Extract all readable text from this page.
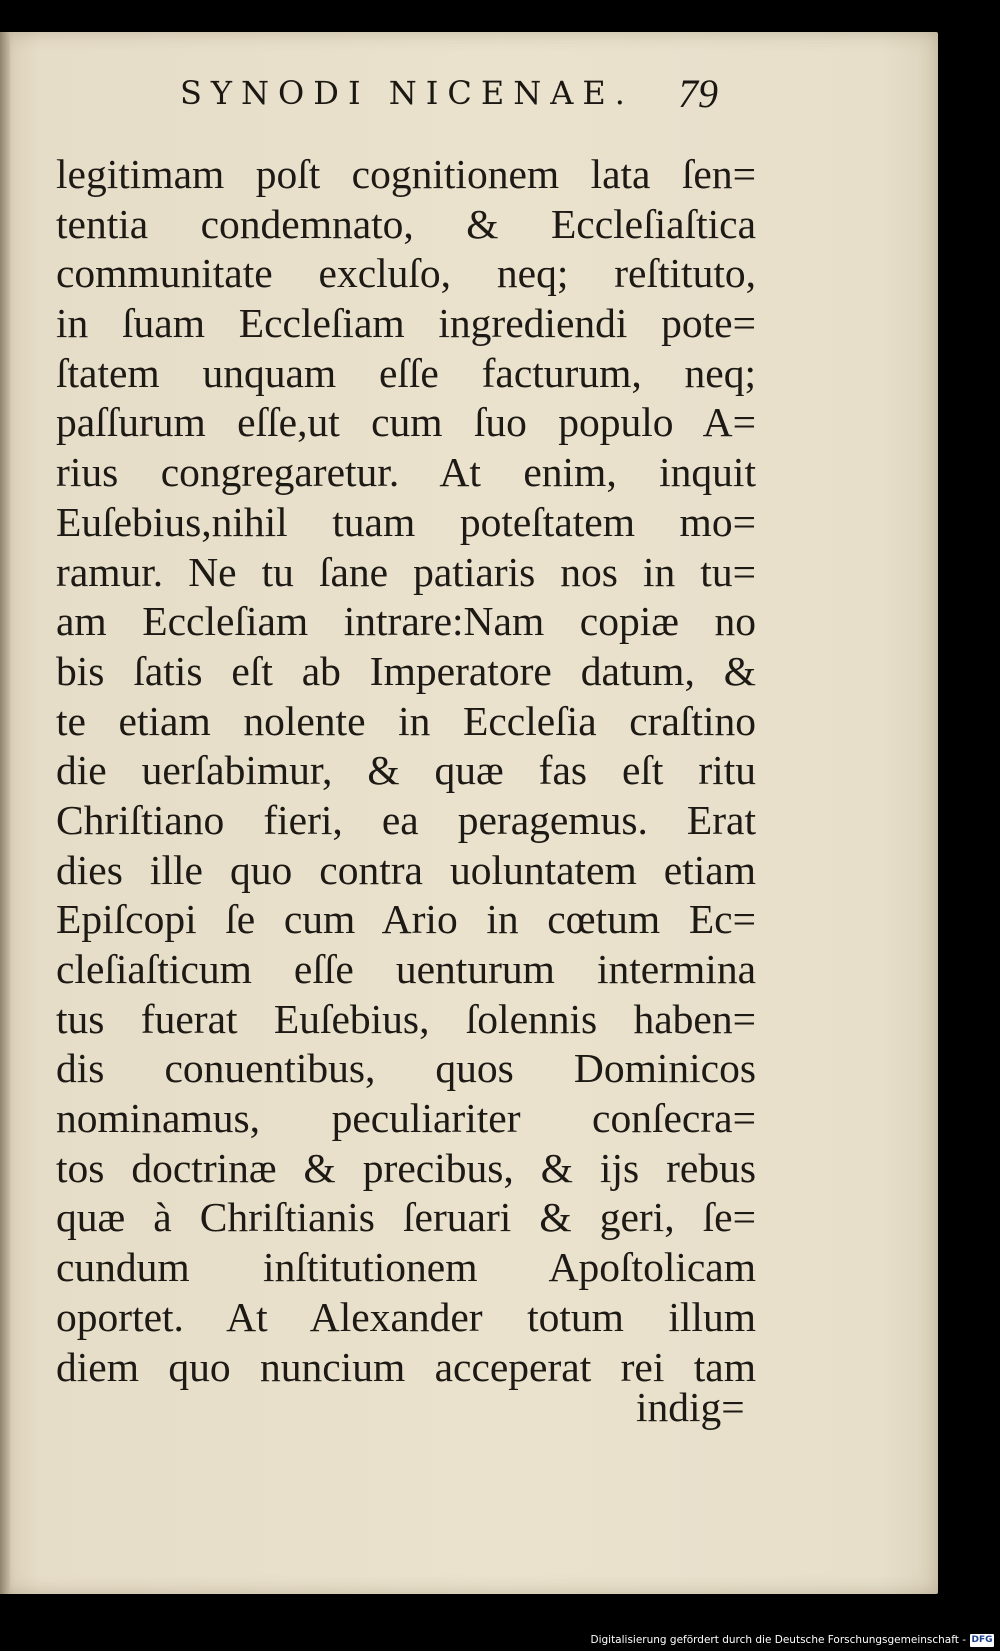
SYNODI NICENAE. 79
legitimam poſt cognitionem lata ſen=
tentia condemnato, & Eccleſiaſtica
communitate excluſo, neq; reſtituto,
in ſuam Eccleſiam ingrediendi pote=
ſtatem unquam eſſe facturum, neq;
paſſurum eſſe,ut cum ſuo populo A=
rius congregaretur. At enim, inquit
Euſebius,nihil tuam poteſtatem mo=
ramur. Ne tu ſane patiaris nos in tu=
am Eccleſiam intrare:Nam copiæ no
bis ſatis eſt ab Imperatore datum, &
te etiam nolente in Eccleſia craſtino
die uerſabimur, & quæ fas eſt ritu
Chriſtiano fieri, ea peragemus. Erat
dies ille quo contra uoluntatem etiam
Epiſcopi ſe cum Ario in cœtum Ec=
cleſiaſticum eſſe uenturum intermina
tus fuerat Euſebius, ſolennis haben=
dis conuentibus, quos Dominicos
nominamus, peculiariter conſecra=
tos doctrinæ & precibus, & ijs rebus
quæ à Chriſtianis ſeruari & geri, ſe=
cundum inſtitutionem Apoſtolicam
oportet. At Alexander totum illum
diem quo nuncium acceperat rei tam
indig=
Digitalisierung gefördert durch die Deutsche Forschungsgemeinschaft - DFG
